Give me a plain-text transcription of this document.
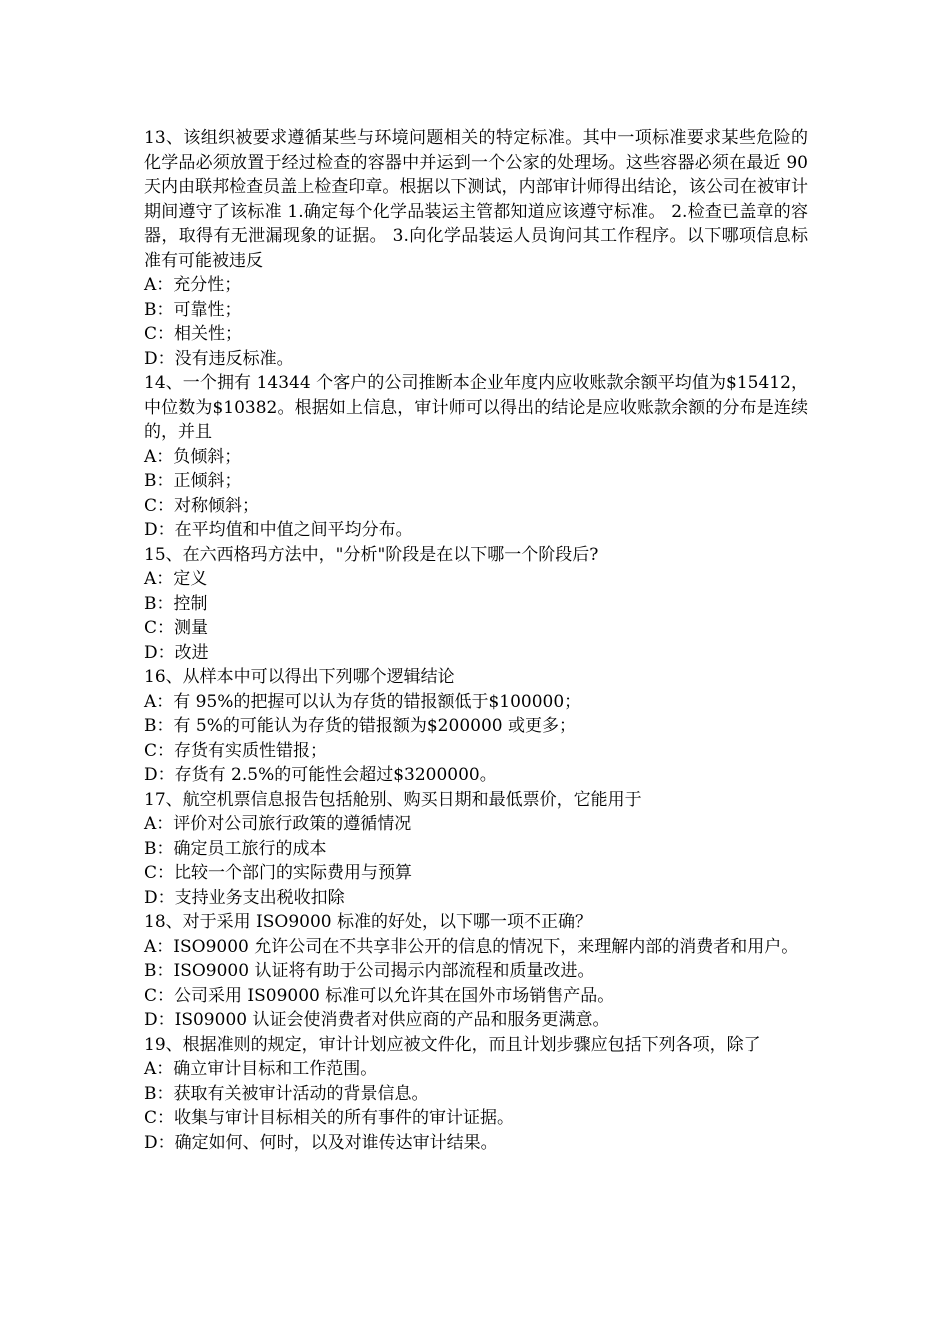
13、该组织被要求遵循某些与环境问题相关的特定标准。其中一项标准要求某些危险的化学品必须放置于经过检查的容器中并运到一个公家的处理场。这些容器必须在最近 90 天内由联邦检查员盖上检查印章。根据以下测试，内部审计师得出结论，该公司在被审计期间遵守了该标准 1.确定每个化学品装运主管都知道应该遵守标准。 2.检查已盖章的容器，取得有无泄漏现象的证据。 3.向化学品装运人员询问其工作程序。以下哪项信息标准有可能被违反

A：充分性；

B：可靠性；

C：相关性；

D：没有违反标准。

14、一个拥有 14344 个客户的公司推断本企业年度内应收账款余额平均值为$15412，中位数为$10382。根据如上信息，审计师可以得出的结论是应收账款余额的分布是连续的，并且

A：负倾斜；

B：正倾斜；

C：对称倾斜；

D：在平均值和中值之间平均分布。

15、在六西格玛方法中，"分析"阶段是在以下哪一个阶段后?

A：定义

B：控制

C：测量

D：改进

16、从样本中可以得出下列哪个逻辑结论

A：有 95%的把握可以认为存货的错报额低于$100000；

B：有 5%的可能认为存货的错报额为$200000 或更多；

C：存货有实质性错报；

D：存货有 2.5%的可能性会超过$3200000。

17、航空机票信息报告包括舱别、购买日期和最低票价，它能用于

A：评价对公司旅行政策的遵循情况

B：确定员工旅行的成本

C：比较一个部门的实际费用与预算

D：支持业务支出税收扣除

18、对于采用 ISO9000 标准的好处，以下哪一项不正确？

A：ISO9000 允许公司在不共享非公开的信息的情况下，来理解内部的消费者和用户。

B：ISO9000 认证将有助于公司揭示内部流程和质量改进。

C：公司采用 IS09000 标准可以允许其在国外市场销售产品。

D：IS09000 认证会使消费者对供应商的产品和服务更满意。

19、根据准则的规定，审计计划应被文件化，而且计划步骤应包括下列各项，除了

A：确立审计目标和工作范围。

B：获取有关被审计活动的背景信息。

C：收集与审计目标相关的所有事件的审计证据。

D：确定如何、何时，以及对谁传达审计结果。
